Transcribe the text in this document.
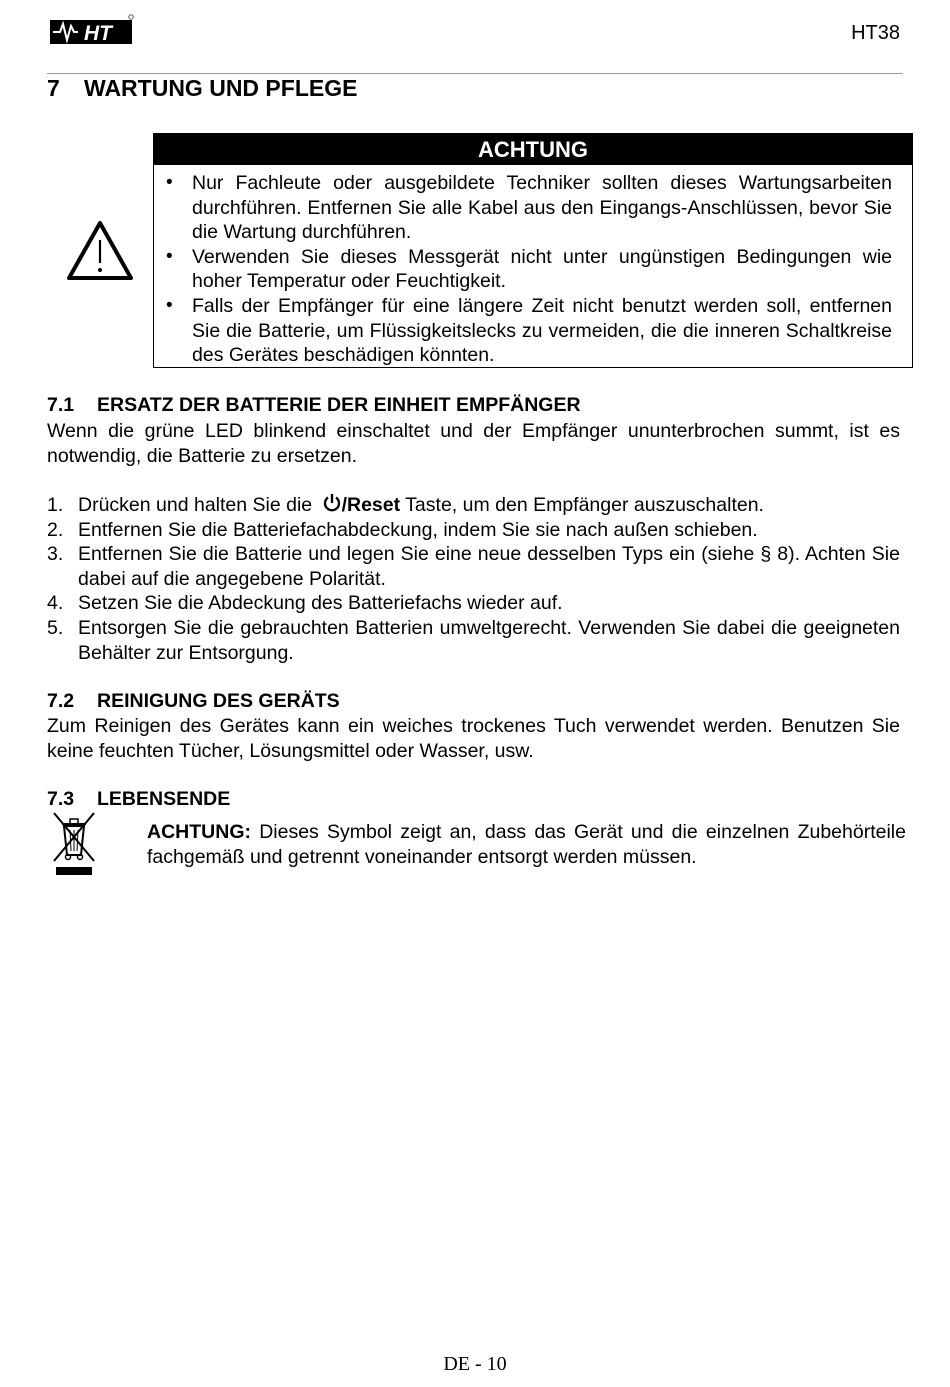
HT	HT38
7 WARTUNG UND PFLEGE
ACHTUNG
• Nur Fachleute oder ausgebildete Techniker sollten dieses Wartungsarbeiten durchführen. Entfernen Sie alle Kabel aus den Eingangs-Anschlüssen, bevor Sie die Wartung durchführen.
• Verwenden Sie dieses Messgerät nicht unter ungünstigen Bedingungen wie hoher Temperatur oder Feuchtigkeit.
• Falls der Empfänger für eine längere Zeit nicht benutzt werden soll, entfernen Sie die Batterie, um Flüssigkeitslecks zu vermeiden, die die inneren Schaltkreise des Gerätes beschädigen könnten.
7.1 ERSATZ DER BATTERIE DER EINHEIT EMPFÄNGER
Wenn die grüne LED blinkend einschaltet und der Empfänger ununterbrochen summt, ist es notwendig, die Batterie zu ersetzen.
1. Drücken und halten Sie die /Reset Taste, um den Empfänger auszuschalten.
2. Entfernen Sie die Batteriefachabdeckung, indem Sie sie nach außen schieben.
3. Entfernen Sie die Batterie und legen Sie eine neue desselben Typs ein (siehe § 8). Achten Sie dabei auf die angegebene Polarität.
4. Setzen Sie die Abdeckung des Batteriefachs wieder auf.
5. Entsorgen Sie die gebrauchten Batterien umweltgerecht. Verwenden Sie dabei die geeigneten Behälter zur Entsorgung.
7.2 REINIGUNG DES GERÄTS
Zum Reinigen des Gerätes kann ein weiches trockenes Tuch verwendet werden. Benutzen Sie keine feuchten Tücher, Lösungsmittel oder Wasser, usw.
7.3 LEBENSENDE
ACHTUNG: Dieses Symbol zeigt an, dass das Gerät und die einzelnen Zubehörteile fachgemäß und getrennt voneinander entsorgt werden müssen.
DE - 10
